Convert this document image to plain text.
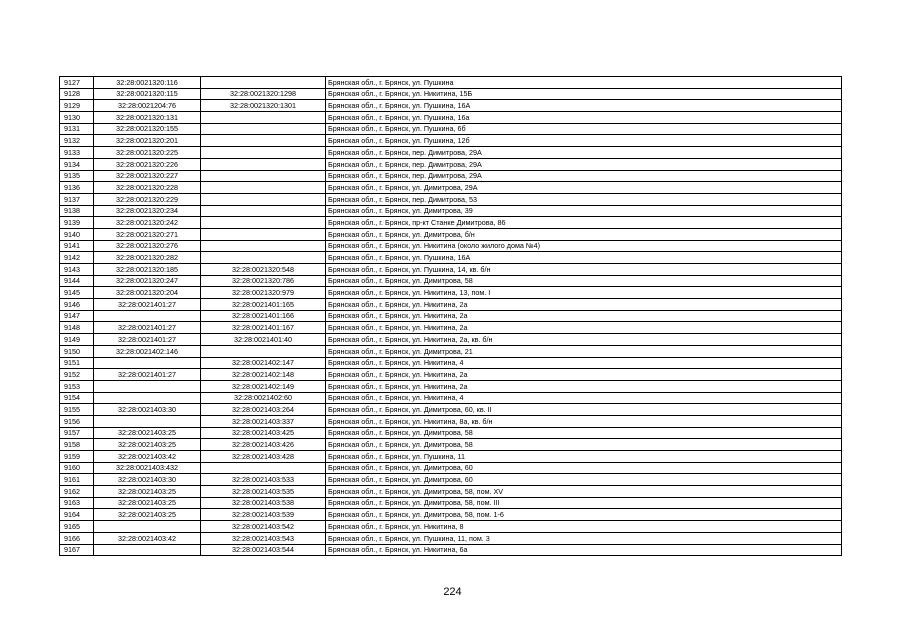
9127	32:28:0021320:116		Брянская обл., г. Брянск, ул. Пушкина
9128	32:28:0021320:115	32:28:0021320:1298	Брянская обл., г. Брянск, ул. Никитина, 15Б
9129	32:28:0021204:76	32:28:0021320:1301	Брянская обл., г. Брянск, ул. Пушкина, 16А
9130	32:28:0021320:131		Брянская обл., г. Брянск, ул. Пушкина, 16а
9131	32:28:0021320:155		Брянская обл., г. Брянск, ул. Пушкина, 6б
9132	32:28:0021320:201		Брянская обл., г. Брянск, ул. Пушкина, 12б
9133	32:28:0021320:225		Брянская обл., г. Брянск, пер. Димитрова, 29А
9134	32:28:0021320:226		Брянская обл., г. Брянск, пер. Димитрова, 29А
9135	32:28:0021320:227		Брянская обл., г. Брянск, пер. Димитрова, 29А
9136	32:28:0021320:228		Брянская обл., г. Брянск, ул. Димитрова, 29А
9137	32:28:0021320:229		Брянская обл., г. Брянск, пер. Димитрова, 53
9138	32:28:0021320:234		Брянская обл., г. Брянск, ул. Димитрова, 39
9139	32:28:0021320:242		Брянская обл., г. Брянск, пр-кт Станке Димитрова, 86
9140	32:28:0021320:271		Брянская обл., г. Брянск, ул. Димитрова, б/н
9141	32:28:0021320:276		Брянская обл., г. Брянск, ул. Никитина (около жилого дома №4)
9142	32:28:0021320:282		Брянская обл., г. Брянск, ул. Пушкина, 16А
9143	32:28:0021320:185	32:28:0021320:548	Брянская обл., г. Брянск, ул. Пушкина, 14, кв. б/н
9144	32:28:0021320:247	32:28:0021320:786	Брянская обл., г. Брянск, ул. Димитрова, 58
9145	32:28:0021320:204	32:28:0021320:979	Брянская обл., г. Брянск, ул. Никитина, 13, пом. I
9146	32:28:0021401:27	32:28:0021401:165	Брянская обл., г. Брянск, ул. Никитина, 2а
9147		32:28:0021401:166	Брянская обл., г. Брянск, ул. Никитина, 2а
9148	32:28:0021401:27	32:28:0021401:167	Брянская обл., г. Брянск, ул. Никитина, 2а
9149	32:28:0021401:27	32:28:0021401:40	Брянская обл., г. Брянск, ул. Никитина, 2а, кв. б/н
9150	32:28:0021402:146		Брянская обл., г. Брянск, ул. Димитрова, 21
9151		32:28:0021402:147	Брянская обл., г. Брянск, ул. Никитина, 4
9152	32:28:0021401:27	32:28:0021402:148	Брянская обл., г. Брянск, ул. Никитина, 2а
9153		32:28:0021402:149	Брянская обл., г. Брянск, ул. Никитина, 2а
9154		32:28:0021402:60	Брянская обл., г. Брянск, ул. Никитина, 4
9155	32:28:0021403:30	32:28:0021403:264	Брянская обл., г. Брянск, ул. Димитрова, 60, кв. II
9156		32:28:0021403:337	Брянская обл., г. Брянск, ул. Никитина, 8а, кв. б/н
9157	32:28:0021403:25	32:28:0021403:425	Брянская обл., г. Брянск, ул. Димитрова, 58
9158	32:28:0021403:25	32:28:0021403:426	Брянская обл., г. Брянск, ул. Димитрова, 58
9159	32:28:0021403:42	32:28:0021403:428	Брянская обл., г. Брянск, ул. Пушкина, 11
9160	32:28:0021403:432		Брянская обл., г. Брянск, ул. Димитрова, 60
9161	32:28:0021403:30	32:28:0021403:533	Брянская обл., г. Брянск, ул. Димитрова, 60
9162	32:28:0021403:25	32:28:0021403:535	Брянская обл., г. Брянск, ул. Димитрова, 58, пом. XV
9163	32:28:0021403:25	32:28:0021403:538	Брянская обл., г. Брянск, ул. Димитрова, 58, пом. III
9164	32:28:0021403:25	32:28:0021403:539	Брянская обл., г. Брянск, ул. Димитрова, 58, пом. 1-6
9165		32:28:0021403:542	Брянская обл., г. Брянск, ул. Никитина, 8
9166	32:28:0021403:42	32:28:0021403:543	Брянская обл., г. Брянск, ул. Пушкина, 11, пом. 3
9167		32:28:0021403:544	Брянская обл., г. Брянск, ул. Никитина, 6а
224
